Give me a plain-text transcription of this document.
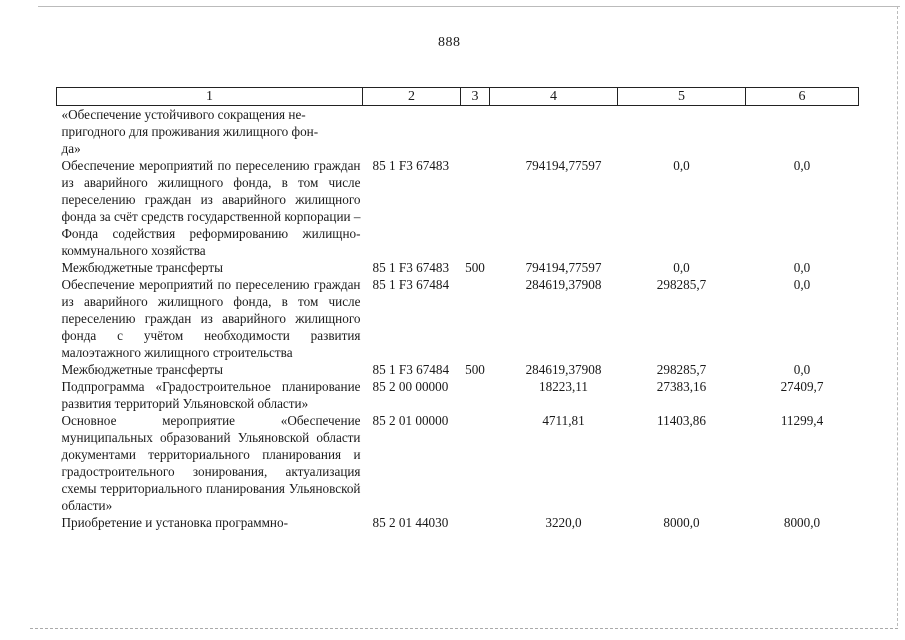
888
1	2	3	4	5	6
«Обеспечение устойчивого сокращения не-
пригодного для проживания жилищного фон-
да»					
Обеспечение мероприятий по переселению граждан из аварийного жилищного фонда, в том числе переселению граждан из аварийного жилищного фонда за счёт средств государственной корпорации – Фонда содействия реформированию жилищно-коммунального хозяйства	85 1 F3 67483		794194,77597	0,0	0,0
Межбюджетные трансферты	85 1 F3 67483	500	794194,77597	0,0	0,0
Обеспечение мероприятий по переселению граждан из аварийного жилищного фонда, в том числе переселению граждан из аварийного жилищного фонда с учётом необходимости развития малоэтажного жилищного строительства	85 1 F3 67484		284619,37908	298285,7	0,0
Межбюджетные трансферты	85 1 F3 67484	500	284619,37908	298285,7	0,0
Подпрограмма «Градостроительное планирование развития территорий Ульяновской области»	85 2 00 00000		18223,11	27383,16	27409,7
Основное мероприятие «Обеспечение муниципальных образований Ульяновской области документами территориального планирования и градостроительного зонирования, актуализация схемы территориального планирования Ульяновской области»	85 2 01 00000		4711,81	11403,86	11299,4
Приобретение и установка программно-	85 2 01 44030		3220,0	8000,0	8000,0
